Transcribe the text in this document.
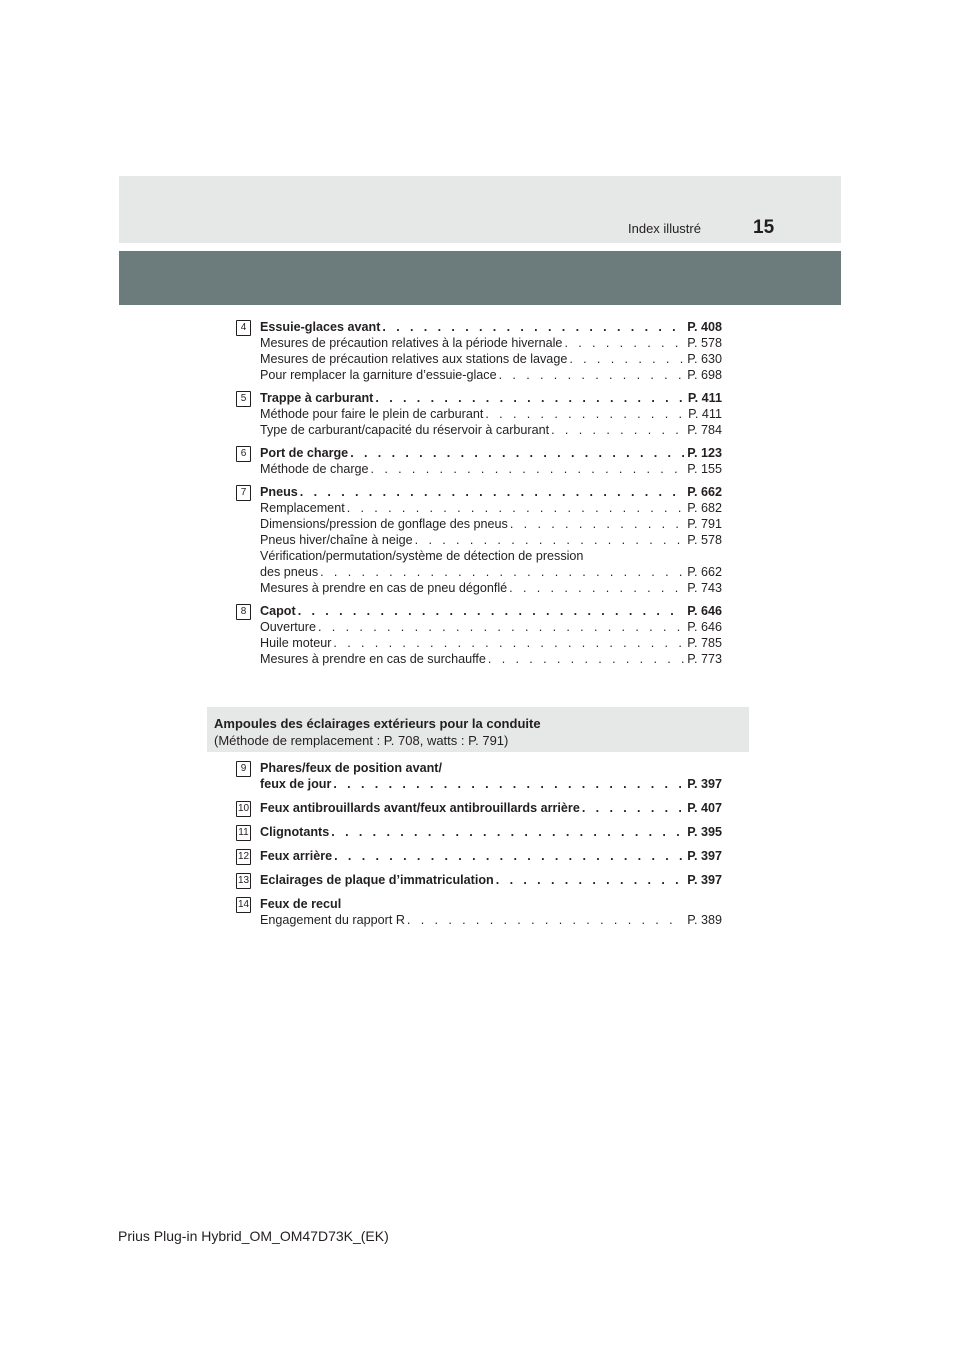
Index illustré	15
4	Essuie-glaces avant . . .	P. 408
Mesures de précaution relatives à la période hivernale . . .	P. 578
Mesures de précaution relatives aux stations de lavage . . .	P. 630
Pour remplacer la garniture d’essuie-glace . . .	P. 698
5	Trappe à carburant . . .	P. 411
Méthode pour faire le plein de carburant . . .	P. 411
Type de carburant/capacité du réservoir à carburant . . .	P. 784
6	Port de charge . . .	P. 123
Méthode de charge . . .	P. 155
7	Pneus . . .	P. 662
Remplacement . . .	P. 682
Dimensions/pression de gonflage des pneus . . .	P. 791
Pneus hiver/chaîne à neige . . .	P. 578
Vérification/permutation/système de détection de pression
des pneus . . .	P. 662
Mesures à prendre en cas de pneu dégonflé . . .	P. 743
8	Capot . . .	P. 646
Ouverture . . .	P. 646
Huile moteur . . .	P. 785
Mesures à prendre en cas de surchauffe . . .	P. 773
Ampoules des éclairages extérieurs pour la conduite
(Méthode de remplacement : P. 708, watts : P. 791)
9	Phares/feux de position avant/
feux de jour . . .	P. 397
10 Feux antibrouillards avant/feux antibrouillards arrière . . .	P. 407
11 Clignotants . . .	P. 395
12 Feux arrière . . .	P. 397
13 Eclairages de plaque d’immatriculation . . .	P. 397
14 Feux de recul
Engagement du rapport R . . .	P. 389
Prius Plug-in Hybrid_OM_OM47D73K_(EK)
